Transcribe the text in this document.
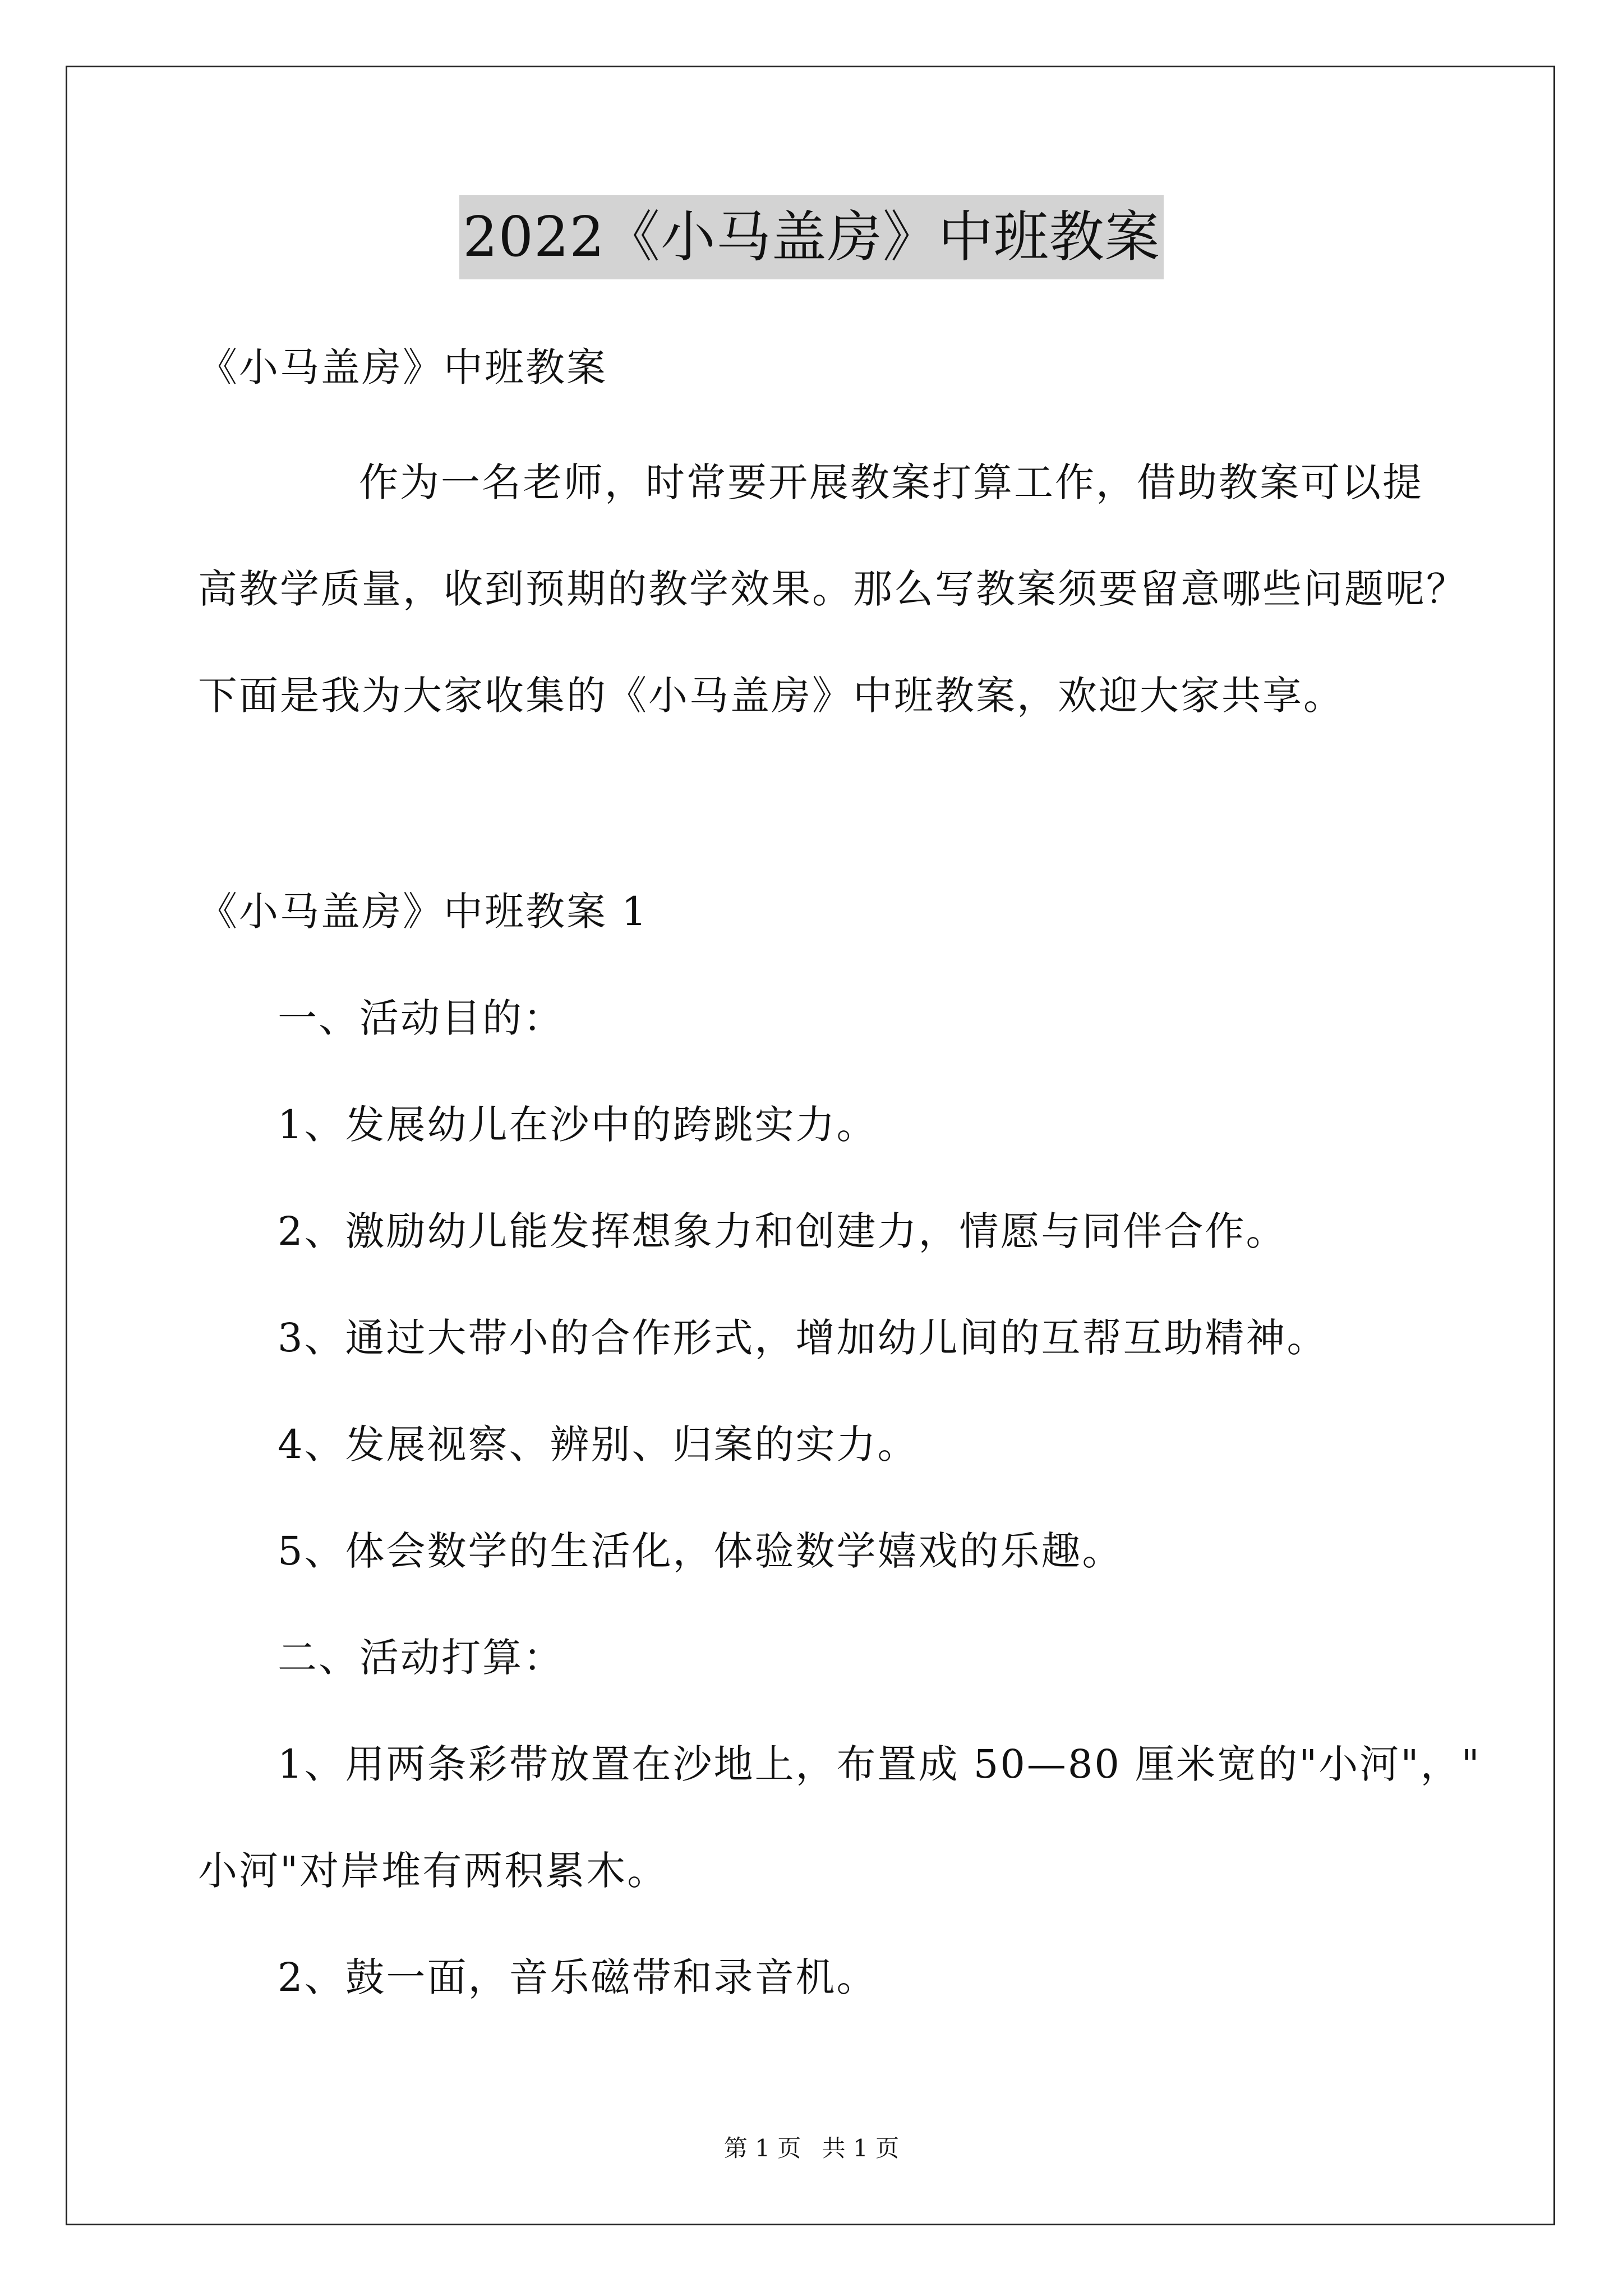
2022《小马盖房》中班教案
《小马盖房》中班教案
作为一名老师，时常要开展教案打算工作，借助教案可以提
高教学质量，收到预期的教学效果。那么写教案须要留意哪些问题呢？
下面是我为大家收集的《小马盖房》中班教案，欢迎大家共享。
《小马盖房》中班教案 1
一、活动目的：
1、发展幼儿在沙中的跨跳实力。
2、激励幼儿能发挥想象力和创建力，情愿与同伴合作。
3、通过大带小的合作形式，增加幼儿间的互帮互助精神。
4、发展视察、辨别、归案的实力。
5、体会数学的生活化，体验数学嬉戏的乐趣。
二、活动打算：
1、用两条彩带放置在沙地上，布置成 50—80 厘米宽的"小河"，"
小河"对岸堆有两积累木。
2、鼓一面，音乐磁带和录音机。
第 1 页 共 1 页
